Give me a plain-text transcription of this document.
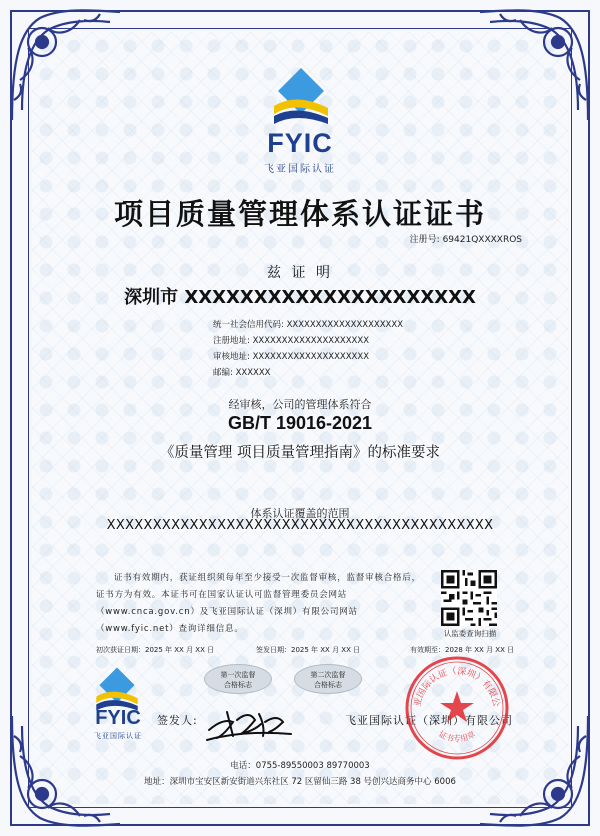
FYIC
飞亚国际认证
项目质量管理体系认证证书
注册号: 69421QXXXXROS
兹 证 明
深圳市 XXXXXXXXXXXXXXXXXXXXX
统一社会信用代码: XXXXXXXXXXXXXXXXXXXX
注册地址: XXXXXXXXXXXXXXXXXXXX
审核地址: XXXXXXXXXXXXXXXXXXXX
邮编: XXXXXX
经审核，公司的管理体系符合
GB/T 19016-2021
《质量管理 项目质量管理指南》的标准要求
体系认证覆盖的范围
XXXXXXXXXXXXXXXXXXXXXXXXXXXXXXXXXXXXXXXXXX
证书有效期内，获证组织须每年至少接受一次监督审核，监督审核合格后，证书方为有效。本证书可在国家认证认可监督管理委员会网站（www.cnca.gov.cn）及飞亚国际认证（深圳）有限公司网站（www.fyic.net）查询详细信息。	认监委查询扫描
初次获证日期：2025 年 XX 月 XX 日	签发日期：2025 年 XX 月 XX 日	有效期至：2028 年 XX 月 XX 日
第一次监督
合格标志
第二次监督
合格标志
FYIC
飞亚国际认证
签发人:	飞亚国际认证（深圳）有限公司
亚国际认证（深圳）有限公
证书专用章
电话：0755-89550003 89770003
地址：深圳市宝安区新安街道兴东社区 72 区留仙三路 38 号创兴达商务中心 6006
